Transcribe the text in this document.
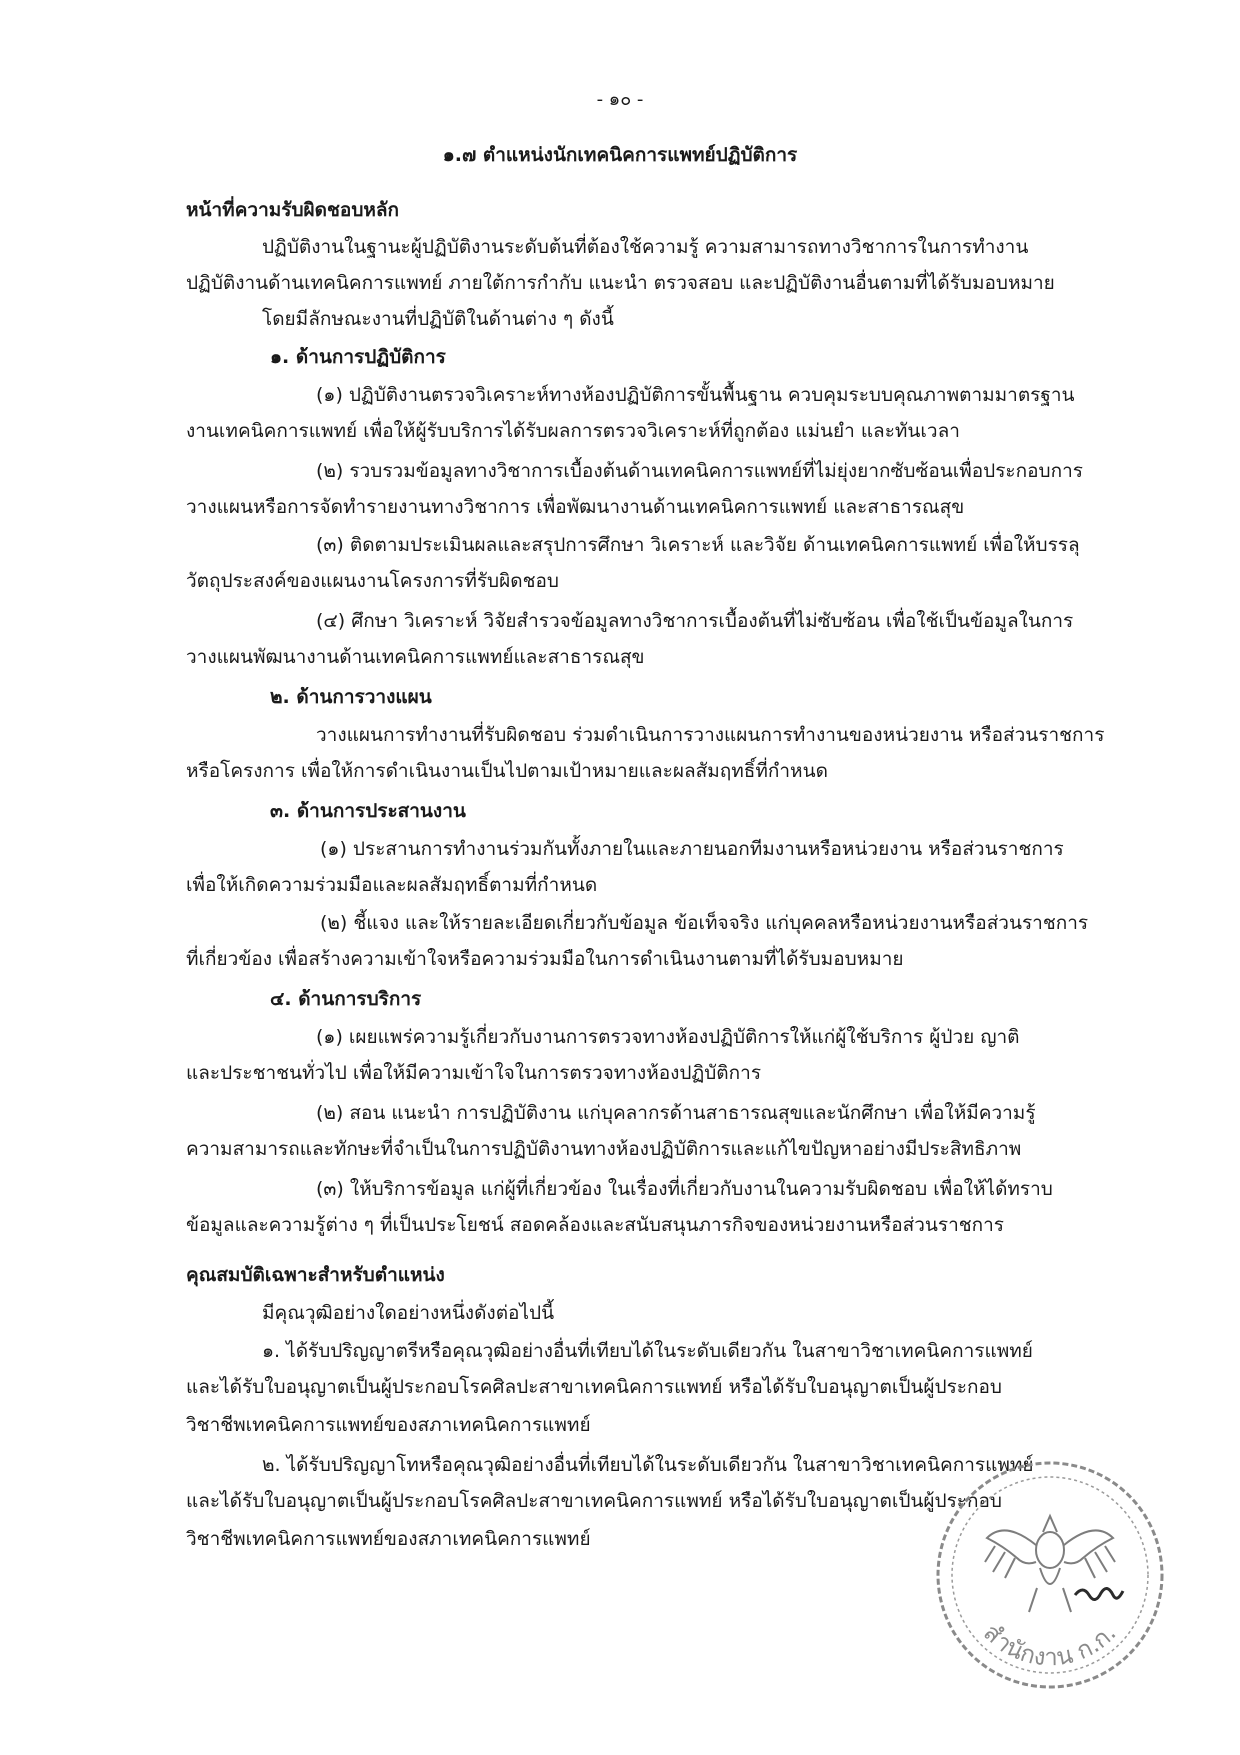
- ๑๐ -
๑.๗ ตำแหน่งนักเทคนิคการแพทย์ปฏิบัติการ
หน้าที่ความรับผิดชอบหลัก
ปฏิบัติงานในฐานะผู้ปฏิบัติงานระดับต้นที่ต้องใช้ความรู้ ความสามารถทางวิชาการในการทำงาน
ปฏิบัติงานด้านเทคนิคการแพทย์ ภายใต้การกำกับ แนะนำ ตรวจสอบ และปฏิบัติงานอื่นตามที่ได้รับมอบหมาย
โดยมีลักษณะงานที่ปฏิบัติในด้านต่าง ๆ ดังนี้
๑. ด้านการปฏิบัติการ
(๑) ปฏิบัติงานตรวจวิเคราะห์ทางห้องปฏิบัติการขั้นพื้นฐาน ควบคุมระบบคุณภาพตามมาตรฐาน
งานเทคนิคการแพทย์ เพื่อให้ผู้รับบริการได้รับผลการตรวจวิเคราะห์ที่ถูกต้อง แม่นยำ และทันเวลา
(๒) รวบรวมข้อมูลทางวิชาการเบื้องต้นด้านเทคนิคการแพทย์ที่ไม่ยุ่งยากซับซ้อนเพื่อประกอบการ
วางแผนหรือการจัดทำรายงานทางวิชาการ เพื่อพัฒนางานด้านเทคนิคการแพทย์ และสาธารณสุข
(๓) ติดตามประเมินผลและสรุปการศึกษา วิเคราะห์ และวิจัย ด้านเทคนิคการแพทย์ เพื่อให้บรรลุ
วัตถุประสงค์ของแผนงานโครงการที่รับผิดชอบ
(๔) ศึกษา วิเคราะห์ วิจัยสำรวจข้อมูลทางวิชาการเบื้องต้นที่ไม่ซับซ้อน เพื่อใช้เป็นข้อมูลในการ
วางแผนพัฒนางานด้านเทคนิคการแพทย์และสาธารณสุข
๒. ด้านการวางแผน
วางแผนการทำงานที่รับผิดชอบ ร่วมดำเนินการวางแผนการทำงานของหน่วยงาน หรือส่วนราชการ
หรือโครงการ เพื่อให้การดำเนินงานเป็นไปตามเป้าหมายและผลสัมฤทธิ์ที่กำหนด
๓. ด้านการประสานงาน
(๑) ประสานการทำงานร่วมกันทั้งภายในและภายนอกทีมงานหรือหน่วยงาน หรือส่วนราชการ
เพื่อให้เกิดความร่วมมือและผลสัมฤทธิ์ตามที่กำหนด
(๒) ชี้แจง และให้รายละเอียดเกี่ยวกับข้อมูล ข้อเท็จจริง แก่บุคคลหรือหน่วยงานหรือส่วนราชการ
ที่เกี่ยวข้อง เพื่อสร้างความเข้าใจหรือความร่วมมือในการดำเนินงานตามที่ได้รับมอบหมาย
๔. ด้านการบริการ
(๑) เผยแพร่ความรู้เกี่ยวกับงานการตรวจทางห้องปฏิบัติการให้แก่ผู้ใช้บริการ ผู้ป่วย ญาติ
และประชาชนทั่วไป เพื่อให้มีความเข้าใจในการตรวจทางห้องปฏิบัติการ
(๒) สอน แนะนำ การปฏิบัติงาน แก่บุคลากรด้านสาธารณสุขและนักศึกษา เพื่อให้มีความรู้
ความสามารถและทักษะที่จำเป็นในการปฏิบัติงานทางห้องปฏิบัติการและแก้ไขปัญหาอย่างมีประสิทธิภาพ
(๓) ให้บริการข้อมูล แก่ผู้ที่เกี่ยวข้อง ในเรื่องที่เกี่ยวกับงานในความรับผิดชอบ เพื่อให้ได้ทราบ
ข้อมูลและความรู้ต่าง ๆ ที่เป็นประโยชน์ สอดคล้องและสนับสนุนภารกิจของหน่วยงานหรือส่วนราชการ
คุณสมบัติเฉพาะสำหรับตำแหน่ง
มีคุณวุฒิอย่างใดอย่างหนึ่งดังต่อไปนี้
๑. ได้รับปริญญาตรีหรือคุณวุฒิอย่างอื่นที่เทียบได้ในระดับเดียวกัน ในสาขาวิชาเทคนิคการแพทย์
และได้รับใบอนุญาตเป็นผู้ประกอบโรคศิลปะสาขาเทคนิคการแพทย์ หรือได้รับใบอนุญาตเป็นผู้ประกอบ
วิชาชีพเทคนิคการแพทย์ของสภาเทคนิคการแพทย์
๒. ได้รับปริญญาโทหรือคุณวุฒิอย่างอื่นที่เทียบได้ในระดับเดียวกัน ในสาขาวิชาเทคนิคการแพทย์
และได้รับใบอนุญาตเป็นผู้ประกอบโรคศิลปะสาขาเทคนิคการแพทย์ หรือได้รับใบอนุญาตเป็นผู้ประกอบ
วิชาชีพเทคนิคการแพทย์ของสภาเทคนิคการแพทย์
สำนักงาน ก.ก.
